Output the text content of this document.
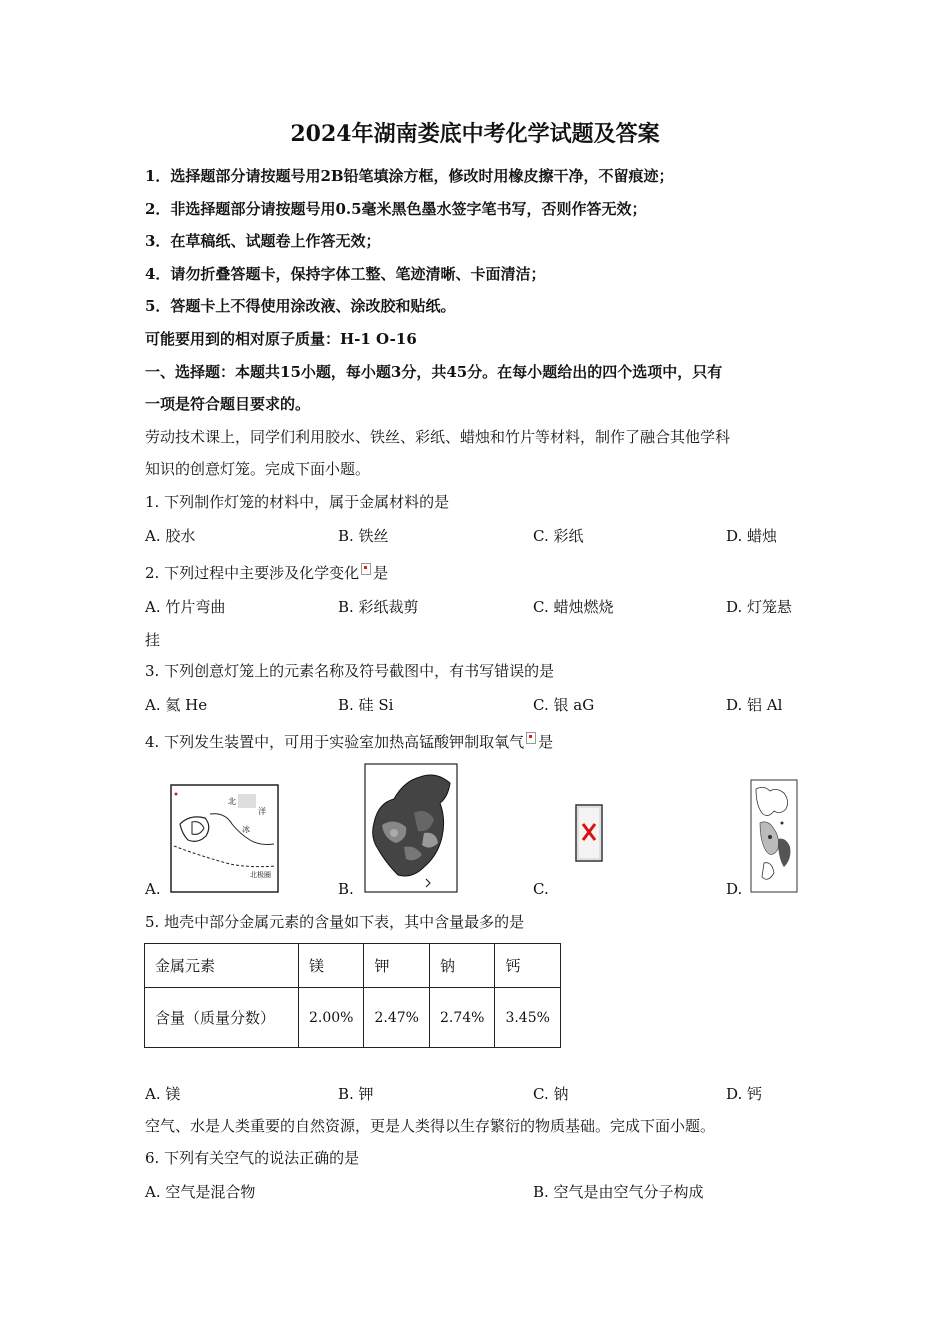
2024年湖南娄底中考化学试题及答案
1．选择题部分请按题号用2B铅笔填涂方框，修改时用橡皮擦干净，不留痕迹；
2．非选择题部分请按题号用0.5毫米黑色墨水签字笔书写，否则作答无效；
3．在草稿纸、试题卷上作答无效；
4．请勿折叠答题卡，保持字体工整、笔迹清晰、卡面清洁；
5．答题卡上不得使用涂改液、涂改胶和贴纸。
可能要用到的相对原子质量：H-1 O-16
一、选择题：本题共15小题，每小题3分，共45分。在每小题给出的四个选项中，只有
一项是符合题目要求的。
劳动技术课上，同学们利用胶水、铁丝、彩纸、蜡烛和竹片等材料，制作了融合其他学科
知识的创意灯笼。完成下面小题。
1. 下列制作灯笼的材料中，属于金属材料的是
A. 胶水	B. 铁丝	C. 彩纸	D. 蜡烛
2. 下列过程中主要涉及化学变化 是
A. 竹片弯曲	B. 彩纸裁剪	C. 蜡烛燃烧	D. 灯笼悬
挂
3. 下列创意灯笼上的元素名称及符号截图中，有书写错误的是
A. 氦 He	B. 硅 Si	C. 银 aG	D. 铝 Al
4. 下列发生装置中，可用于实验室加热高锰酸钾制取氧气 是
北
洋
冰
北极圈
A.	B.	C.	D.
5. 地壳中部分金属元素的含量如下表，其中含量最多的是
金属元素	镁	钾	钠	钙
含量（质量分数）	2.00%	2.47%	2.74%	3.45%
A. 镁	B. 钾	C. 钠	D. 钙
空气、水是人类重要的自然资源，更是人类得以生存繁衍的物质基础。完成下面小题。
6. 下列有关空气的说法正确的是
A. 空气是混合物	B. 空气是由空气分子构成
